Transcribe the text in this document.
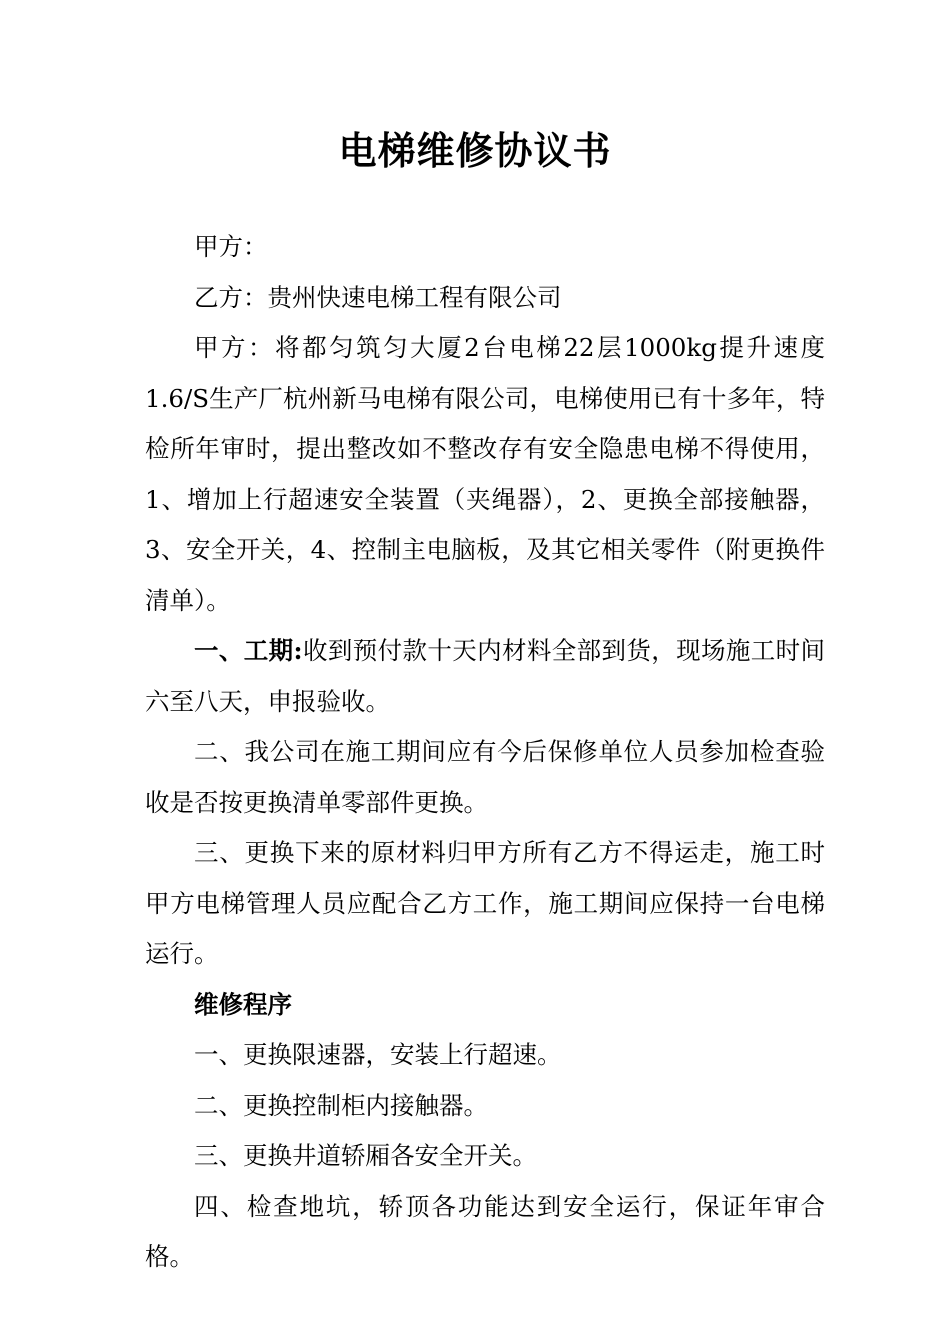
电梯维修协议书

甲方：

乙方：贵州快速电梯工程有限公司

甲方：将都匀筑匀大厦2台电梯22层1000kg提升速度1.6/S生产厂杭州新马电梯有限公司，电梯使用已有十多年，特检所年审时，提出整改如不整改存有安全隐患电梯不得使用，1、增加上行超速安全装置（夹绳器），2、更换全部接触器，3、安全开关，4、控制主电脑板，及其它相关零件（附更换件清单）。

一、工期:收到预付款十天内材料全部到货，现场施工时间六至八天，申报验收。

二、我公司在施工期间应有今后保修单位人员参加检查验收是否按更换清单零部件更换。

三、更换下来的原材料归甲方所有乙方不得运走，施工时甲方电梯管理人员应配合乙方工作，施工期间应保持一台电梯运行。

维修程序

一、更换限速器，安装上行超速。

二、更换控制柜内接触器。

三、更换井道轿厢各安全开关。

四、检查地坑，轿顶各功能达到安全运行，保证年审合格。
